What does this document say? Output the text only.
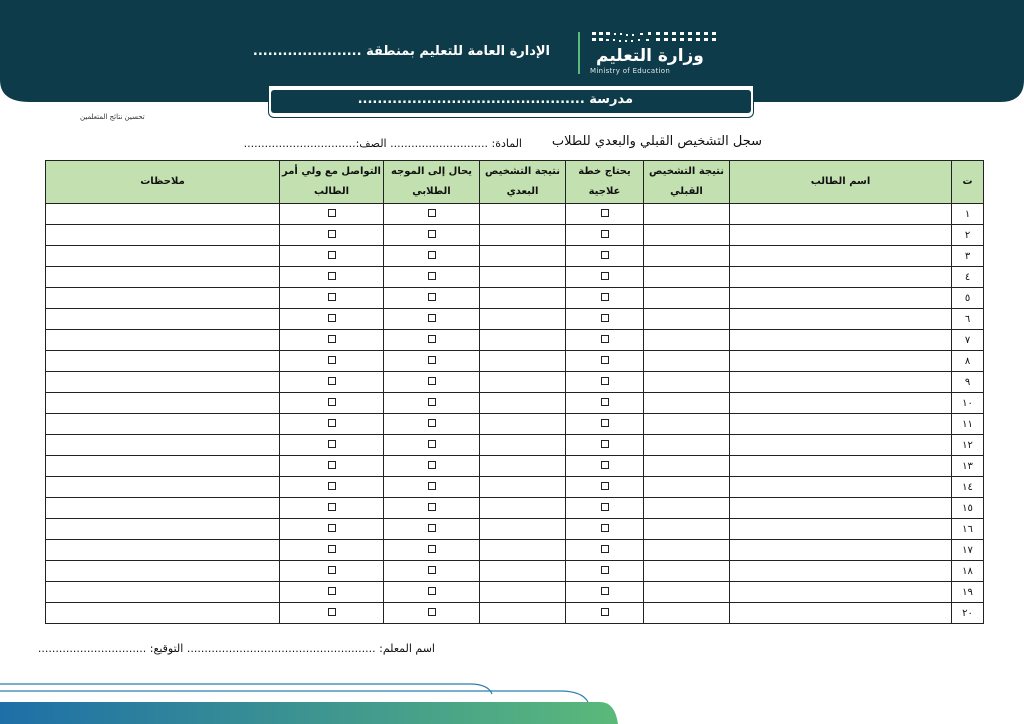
الإدارة العامة للتعليم بمنطقة ......................	وزارة التعليم
Ministry of Education
مدرسة ..............................................
تحسين نتائج المتعلمين
سجل التشخيص القبلي والبعدي للطلاب
المادة: ............................ الصف:................................
ت	اسم الطالب	نتيجة التشخيص القبلي	يحتاج خطة علاجية	نتيجة التشخيص البعدي	يحال إلى الموجه الطلابي	التواصل مع ولي أمر الطالب	ملاحظات
١							
٢							
٣							
٤							
٥							
٦							
٧							
٨							
٩							
١٠							
١١							
١٢							
١٣							
١٤							
١٥							
١٦							
١٧							
١٨							
١٩							
٢٠							
اسم المعلم: ...................................................... التوقيع: ...............................
